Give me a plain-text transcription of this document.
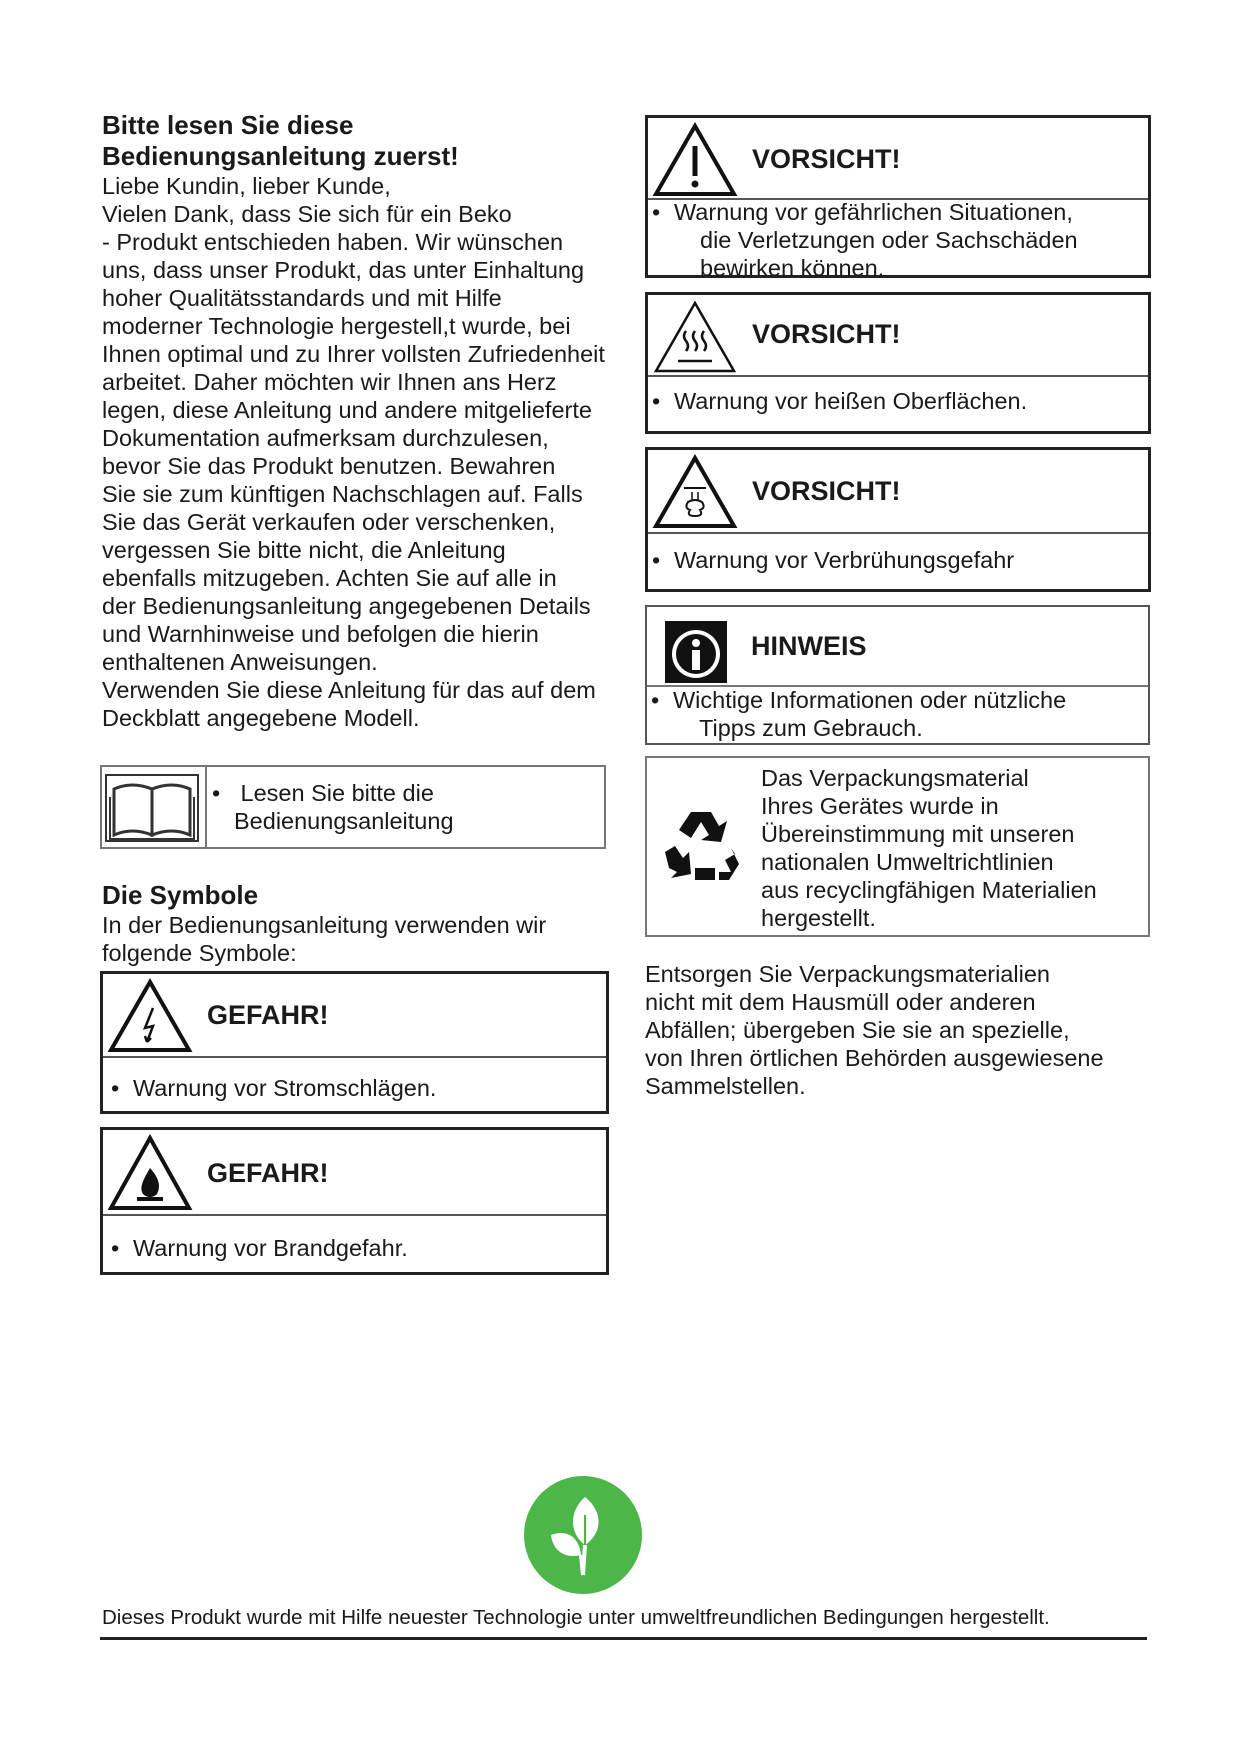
Bitte lesen Sie diese
Bedienungsanleitung zuerst!
Liebe Kundin, lieber Kunde,
Vielen Dank, dass Sie sich für ein Beko
- Produkt entschieden haben. Wir wünschen
uns, dass unser Produkt, das unter Einhaltung
hoher Qualitätsstandards und mit Hilfe
moderner Technologie hergestell,t wurde, bei
Ihnen optimal und zu Ihrer vollsten Zufriedenheit
arbeitet. Daher möchten wir Ihnen ans Herz
legen, diese Anleitung und andere mitgelieferte
Dokumentation aufmerksam durchzulesen,
bevor Sie das Produkt benutzen. Bewahren
Sie sie zum künftigen Nachschlagen auf. Falls
Sie das Gerät verkaufen oder verschenken,
vergessen Sie bitte nicht, die Anleitung
ebenfalls mitzugeben. Achten Sie auf alle in
der Bedienungsanleitung angegebenen Details
und Warnhinweise und befolgen die hierin
enthaltenen Anweisungen.
Verwenden Sie diese Anleitung für das auf dem
Deckblatt angegebene Modell.
• Lesen Sie bitte die
Bedienungsanleitung
Die Symbole
In der Bedienungsanleitung verwenden wir
folgende Symbole:
GEFAHR!
• Warnung vor Stromschlägen.
GEFAHR!
• Warnung vor Brandgefahr.
VORSICHT!
• Warnung vor gefährlichen Situationen,
die Verletzungen oder Sachschäden
bewirken können.
VORSICHT!
• Warnung vor heißen Oberflächen.
VORSICHT!
• Warnung vor Verbrühungsgefahr
HINWEIS
• Wichtige Informationen oder nützliche
Tipps zum Gebrauch.
Das Verpackungsmaterial
Ihres Gerätes wurde in
Übereinstimmung mit unseren
nationalen Umweltrichtlinien
aus recyclingfähigen Materialien
hergestellt.
Entsorgen Sie Verpackungsmaterialien
nicht mit dem Hausmüll oder anderen
Abfällen; übergeben Sie sie an spezielle,
von Ihren örtlichen Behörden ausgewiesene
Sammelstellen.
Dieses Produkt wurde mit Hilfe neuester Technologie unter umweltfreundlichen Bedingungen hergestellt.
